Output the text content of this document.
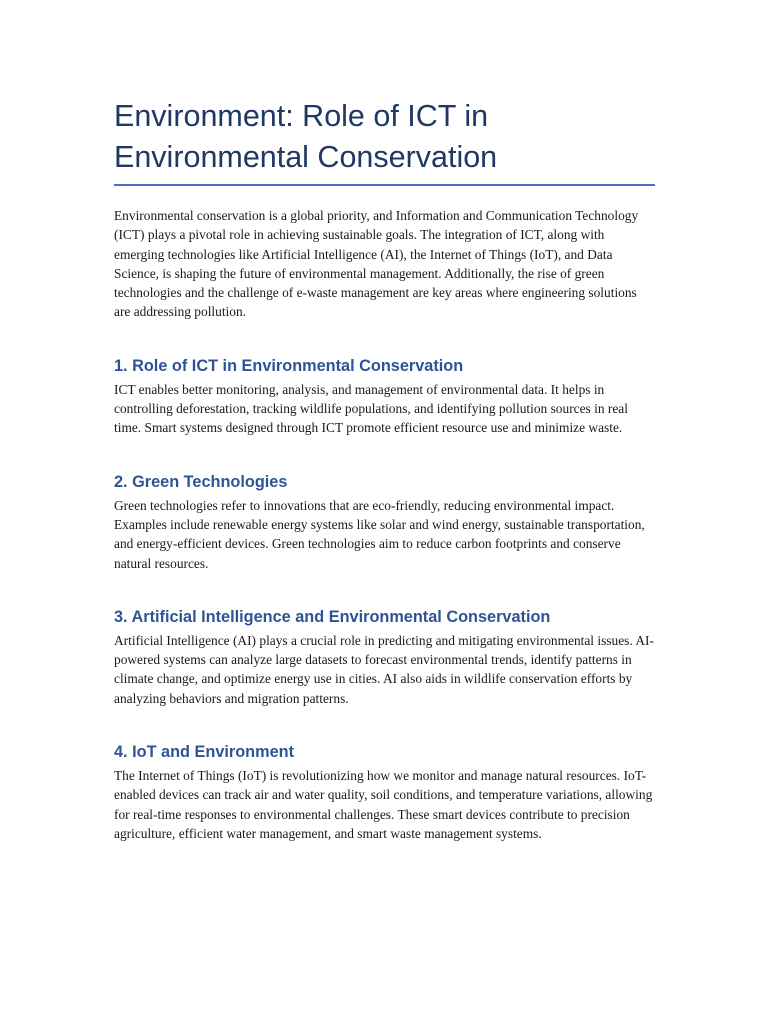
Environment: Role of ICT in
Environmental Conservation

Environmental conservation is a global priority, and Information and Communication Technology (ICT) plays a pivotal role in achieving sustainable goals. The integration of ICT, along with emerging technologies like Artificial Intelligence (AI), the Internet of Things (IoT), and Data Science, is shaping the future of environmental management. Additionally, the rise of green technologies and the challenge of e-waste management are key areas where engineering solutions are addressing pollution.

1. Role of ICT in Environmental Conservation

ICT enables better monitoring, analysis, and management of environmental data. It helps in controlling deforestation, tracking wildlife populations, and identifying pollution sources in real time. Smart systems designed through ICT promote efficient resource use and minimize waste.

2. Green Technologies

Green technologies refer to innovations that are eco-friendly, reducing environmental impact. Examples include renewable energy systems like solar and wind energy, sustainable transportation, and energy-efficient devices. Green technologies aim to reduce carbon footprints and conserve natural resources.

3. Artificial Intelligence and Environmental Conservation

Artificial Intelligence (AI) plays a crucial role in predicting and mitigating environmental issues. AI-powered systems can analyze large datasets to forecast environmental trends, identify patterns in climate change, and optimize energy use in cities. AI also aids in wildlife conservation efforts by analyzing behaviors and migration patterns.

4. IoT and Environment

The Internet of Things (IoT) is revolutionizing how we monitor and manage natural resources. IoT-enabled devices can track air and water quality, soil conditions, and temperature variations, allowing for real-time responses to environmental challenges. These smart devices contribute to precision agriculture, efficient water management, and smart waste management systems.
